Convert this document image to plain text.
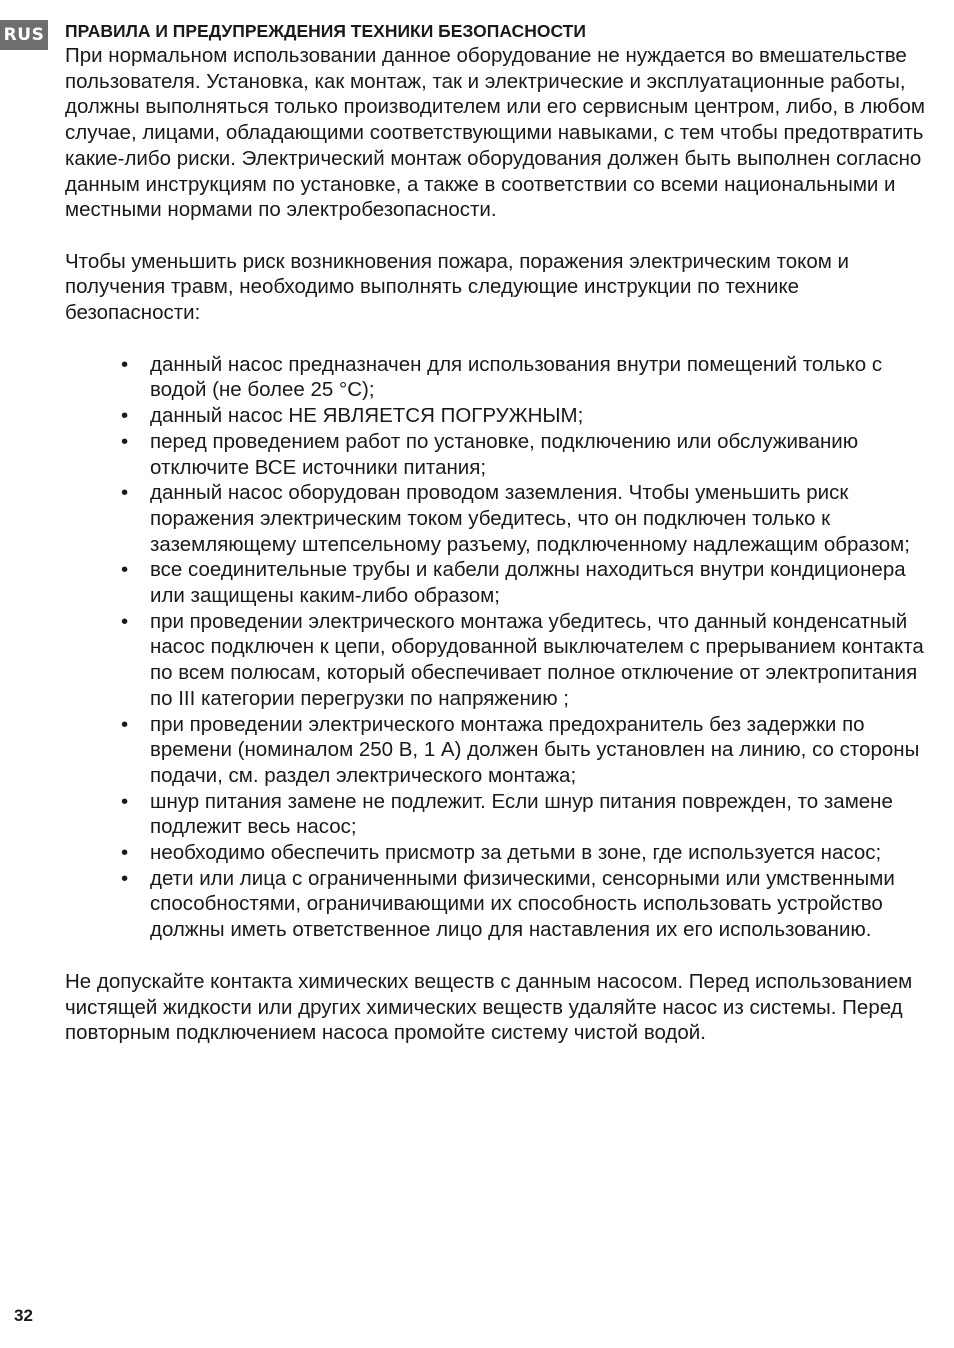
RUS ПРАВИЛА И ПРЕДУПРЕЖДЕНИЯ ТЕХНИКИ БЕЗОПАСНОСТИ

При нормальном использовании данное оборудование не нуждается во вмешательстве пользователя. Установка, как монтаж, так и электрические и эксплуатационные работы, должны выполняться только производителем или его сервисным центром, либо, в любом случае, лицами, обладающими соответствующими навыками, с тем чтобы предотвратить какие-либо риски. Электрический монтаж оборудования должен быть выполнен согласно данным инструкциям по установке, а также в соответствии со всеми национальными и местными нормами по электробезопасности.

Чтобы уменьшить риск возникновения пожара, поражения электрическим током и получения травм, необходимо выполнять следующие инструкции по технике безопасности:

• данный насос предназначен для использования внутри помещений только с водой (не более 25 °C);
• данный насос НЕ ЯВЛЯЕТСЯ ПОГРУЖНЫМ;
• перед проведением работ по установке, подключению или обслуживанию отключите ВСЕ источники питания;
• данный насос оборудован проводом заземления. Чтобы уменьшить риск поражения электрическим током убедитесь, что он подключен только к заземляющему штепсельному разъему, подключенному надлежащим образом;
• все соединительные трубы и кабели должны находиться внутри кондиционера или защищены каким-либо образом;
• при проведении электрического монтажа убедитесь, что данный конденсатный насос подключен к цепи, оборудованной выключателем с прерыванием контакта по всем полюсам, который обеспечивает полное отключение от электропитания по III категории перегрузки по напряжению ;
• при проведении электрического монтажа предохранитель без задержки по времени (номиналом 250 В, 1 А) должен быть установлен на линию, со стороны подачи, см. раздел электрического монтажа;
• шнур питания замене не подлежит. Если шнур питания поврежден, то замене подлежит весь насос;
• необходимо обеспечить присмотр за детьми в зоне, где используется насос;
• дети или лица с ограниченными физическими, сенсорными или умственными способностями, ограничивающими их способность использовать устройство должны иметь ответственное лицо для наставления их его использованию.

Не допускайте контакта химических веществ с данным насосом. Перед использованием чистящей жидкости или других химических веществ удаляйте насос из системы. Перед повторным подключением насоса промойте систему чистой водой.

32
